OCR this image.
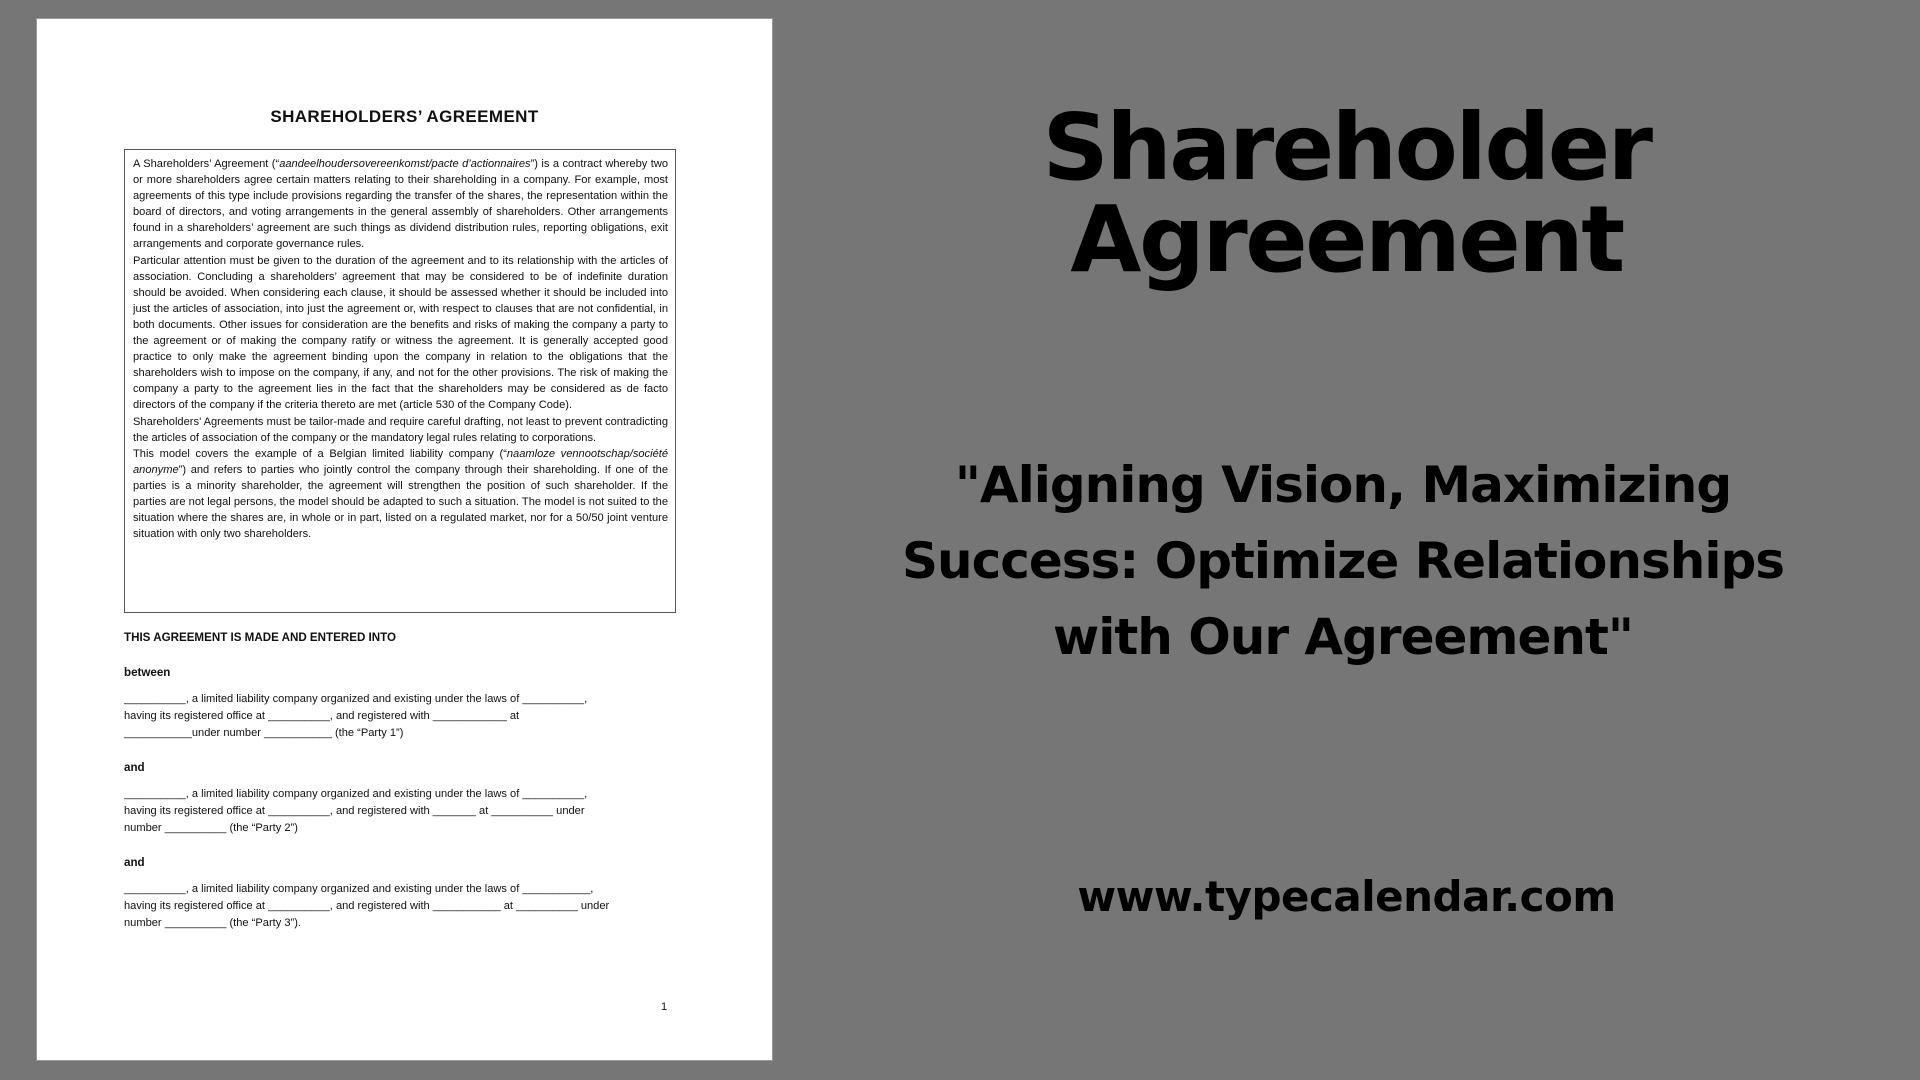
SHAREHOLDERS’ AGREEMENT

A Shareholders’ Agreement (“aandeelhoudersovereenkomst/pacte d’actionnaires”) is a contract whereby two or more shareholders agree certain matters relating to their shareholding in a company. For example, most agreements of this type include provisions regarding the transfer of the shares, the representation within the board of directors, and voting arrangements in the general assembly of shareholders. Other arrangements found in a shareholders’ agreement are such things as dividend distribution rules, reporting obligations, exit arrangements and corporate governance rules.

Particular attention must be given to the duration of the agreement and to its relationship with the articles of association. Concluding a shareholders’ agreement that may be considered to be of indefinite duration should be avoided. When considering each clause, it should be assessed whether it should be included into just the articles of association, into just the agreement or, with respect to clauses that are not confidential, in both documents. Other issues for consideration are the benefits and risks of making the company a party to the agreement or of making the company ratify or witness the agreement. It is generally accepted good practice to only make the agreement binding upon the company in relation to the obligations that the shareholders wish to impose on the company, if any, and not for the other provisions. The risk of making the company a party to the agreement lies in the fact that the shareholders may be considered as de facto directors of the company if the criteria thereto are met (article 530 of the Company Code).

Shareholders’ Agreements must be tailor-made and require careful drafting, not least to prevent contradicting the articles of association of the company or the mandatory legal rules relating to corporations.

This model covers the example of a Belgian limited liability company (“naamloze vennootschap/société anonyme”) and refers to parties who jointly control the company through their shareholding. If one of the parties is a minority shareholder, the agreement will strengthen the position of such shareholder. If the parties are not legal persons, the model should be adapted to such a situation. The model is not suited to the situation where the shares are, in whole or in part, listed on a regulated market, nor for a 50/50 joint venture situation with only two shareholders.

THIS AGREEMENT IS MADE AND ENTERED INTO
between

__________, a limited liability company organized and existing under the laws of __________,

having its registered office at __________, and registered with ____________ at

___________under number ___________ (the “Party 1”)

and

__________, a limited liability company organized and existing under the laws of __________,

having its registered office at __________, and registered with _______ at __________ under

number __________ (the “Party 2”)

and

__________, a limited liability company organized and existing under the laws of ___________,

having its registered office at __________, and registered with ___________ at __________ under

number __________ (the “Party 3”).

1
Shareholder Agreement
"Aligning Vision, Maximizing Success: Optimize Relationships with Our Agreement"
www.typecalendar.com
